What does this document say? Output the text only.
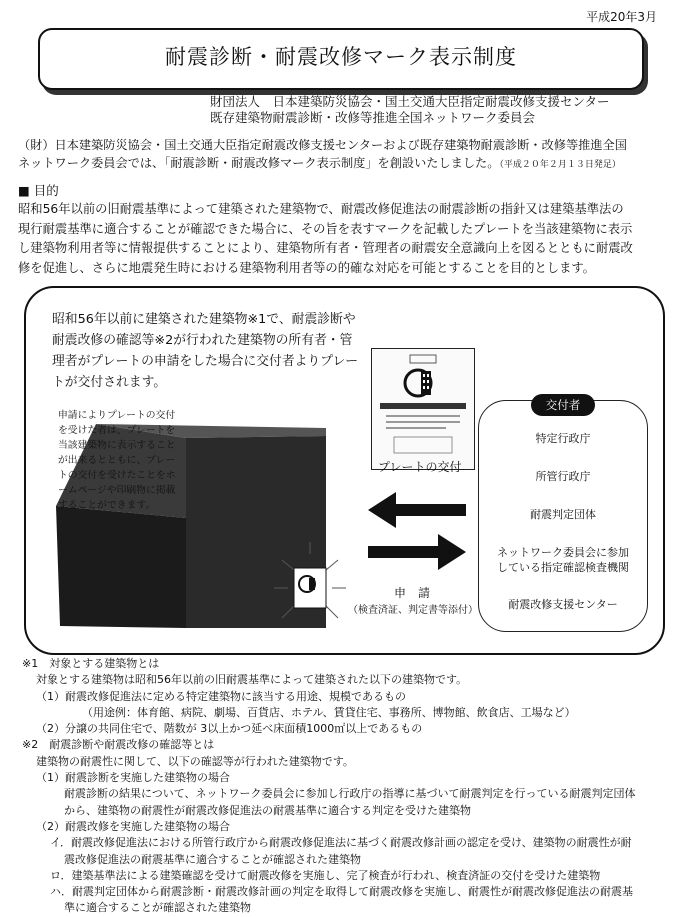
平成20年3月
耐震診断・耐震改修マーク表示制度
財団法人　日本建築防災協会・国土交通大臣指定耐震改修支援センター
既存建築物耐震診断・改修等推進全国ネットワーク委員会
（財）日本建築防災協会・国土交通大臣指定耐震改修支援センターおよび既存建築物耐震診断・改修等推進全国
ネットワーク委員会では、「耐震診断・耐震改修マーク表示制度」を創設いたしました。（平成２０年２月１３日発足）
■ 目的
昭和56年以前の旧耐震基準によって建築された建築物で、耐震改修促進法の耐震診断の指針又は建築基準法の
現行耐震基準に適合することが確認できた場合に、その旨を表すマークを記載したプレートを当該建築物に表示
し建築物利用者等に情報提供することにより、建築物所有者・管理者の耐震安全意識向上を図るとともに耐震改
修を促進し、さらに地震発生時における建築物利用者等の的確な対応を可能とすることを目的とします。
昭和56年以前に建築された建築物※1で、耐震診断や
耐震改修の確認等※2が行われた建築物の所有者・管
理者がプレートの申請をした場合に交付者よりプレー
トが交付されます。
申請によりプレートの交付
を受けた者は、プレートを
当該建築物に表示すること
が出来るとともに、プレー
トの交付を受けたことをホ
ームページや印刷物に掲載
することができます。
プレートの交付
申　請
（検査済証、判定書等添付）
特定行政庁
所管行政庁
耐震判定団体
ネットワーク委員会に参加
している指定確認検査機関
耐震改修支援センター
交付者
※1　対象とする建築物とは
対象とする建築物は昭和56年以前の旧耐震基準によって建築された以下の建築物です。
（1）耐震改修促進法に定める特定建築物に該当する用途、規模であるもの
（用途例：体育館、病院、劇場、百貨店、ホテル、賃貸住宅、事務所、博物館、飲食店、工場など）
（2）分譲の共同住宅で、階数が 3以上かつ延べ床面積1000㎡以上であるもの
※2　耐震診断や耐震改修の確認等とは
建築物の耐震性に関して、以下の確認等が行われた建築物です。
（1）耐震診断を実施した建築物の場合
耐震診断の結果について、ネットワーク委員会に参加し行政庁の指導に基づいて耐震判定を行っている耐震判定団体
から、建築物の耐震性が耐震改修促進法の耐震基準に適合する判定を受けた建築物
（2）耐震改修を実施した建築物の場合
イ．耐震改修促進法における所管行政庁から耐震改修促進法に基づく耐震改修計画の認定を受け、建築物の耐震性が耐
震改修促進法の耐震基準に適合することが確認された建築物
ロ．建築基準法による建築確認を受けて耐震改修を実施し、完了検査が行われ、検査済証の交付を受けた建築物
ハ．耐震判定団体から耐震診断・耐震改修計画の判定を取得して耐震改修を実施し、耐震性が耐震改修促進法の耐震基
準に適合することが確認された建築物
